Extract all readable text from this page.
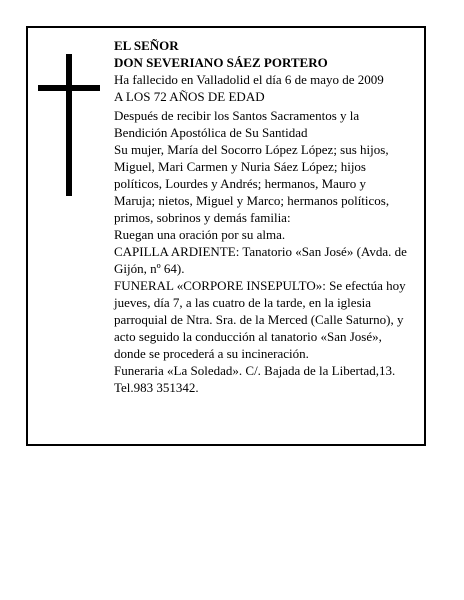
EL SEÑOR
DON SEVERIANO SÁEZ PORTERO
Ha fallecido en Valladolid el día 6 de mayo de 2009
A LOS 72 AÑOS DE EDAD
Después de recibir los Santos Sacramentos y la
Bendición Apostólica de Su Santidad
Su mujer, María del Socorro López López; sus hijos,
Miguel, Mari Carmen y Nuria Sáez López; hijos
políticos, Lourdes y Andrés; hermanos, Mauro y
Maruja; nietos, Miguel y Marco; hermanos políticos,
primos, sobrinos y demás familia:
Ruegan una oración por su alma.
CAPILLA ARDIENTE: Tanatorio «San José» (Avda. de
Gijón, nº 64).
FUNERAL «CORPORE INSEPULTO»: Se efectúa hoy
jueves, día 7, a las cuatro de la tarde, en la iglesia
parroquial de Ntra. Sra. de la Merced (Calle Saturno), y
acto seguido la conducción al tanatorio «San José»,
donde se procederá a su incineración.
Funeraria «La Soledad». C/. Bajada de la Libertad,13.
Tel.983 351342.
